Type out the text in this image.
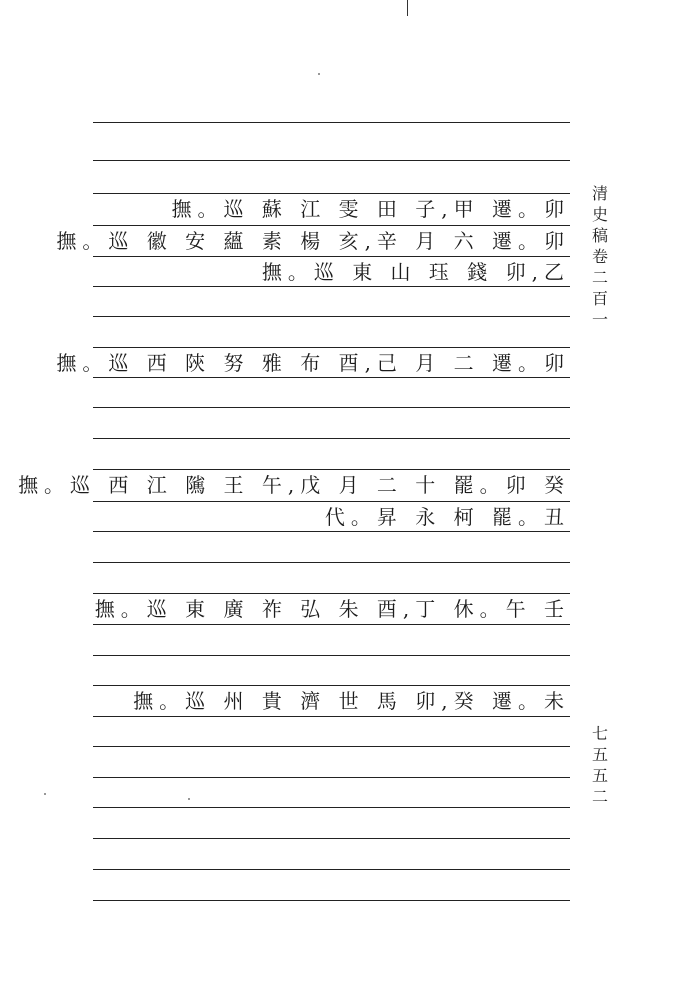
清史稿卷二百一
七五五二
撫。巡 蘇 江 雯 田 子,甲 遷。卯
撫。巡 徽 安 蘊 素 楊 亥,辛 月 六 遷。卯
撫。巡 東 山 珏 錢 卯,乙
撫。巡 西 陝 努 雅 布 酉,己 月 二 遷。卯
撫。巡 西 江 隲 王 午,戊 月 二 十 罷。卯 癸
代。昇 永 柯 罷。丑
撫。巡 東 廣 祚 弘 朱 酉,丁 休。午 壬
撫。巡 州 貴 濟 世 馬 卯,癸 遷。未
